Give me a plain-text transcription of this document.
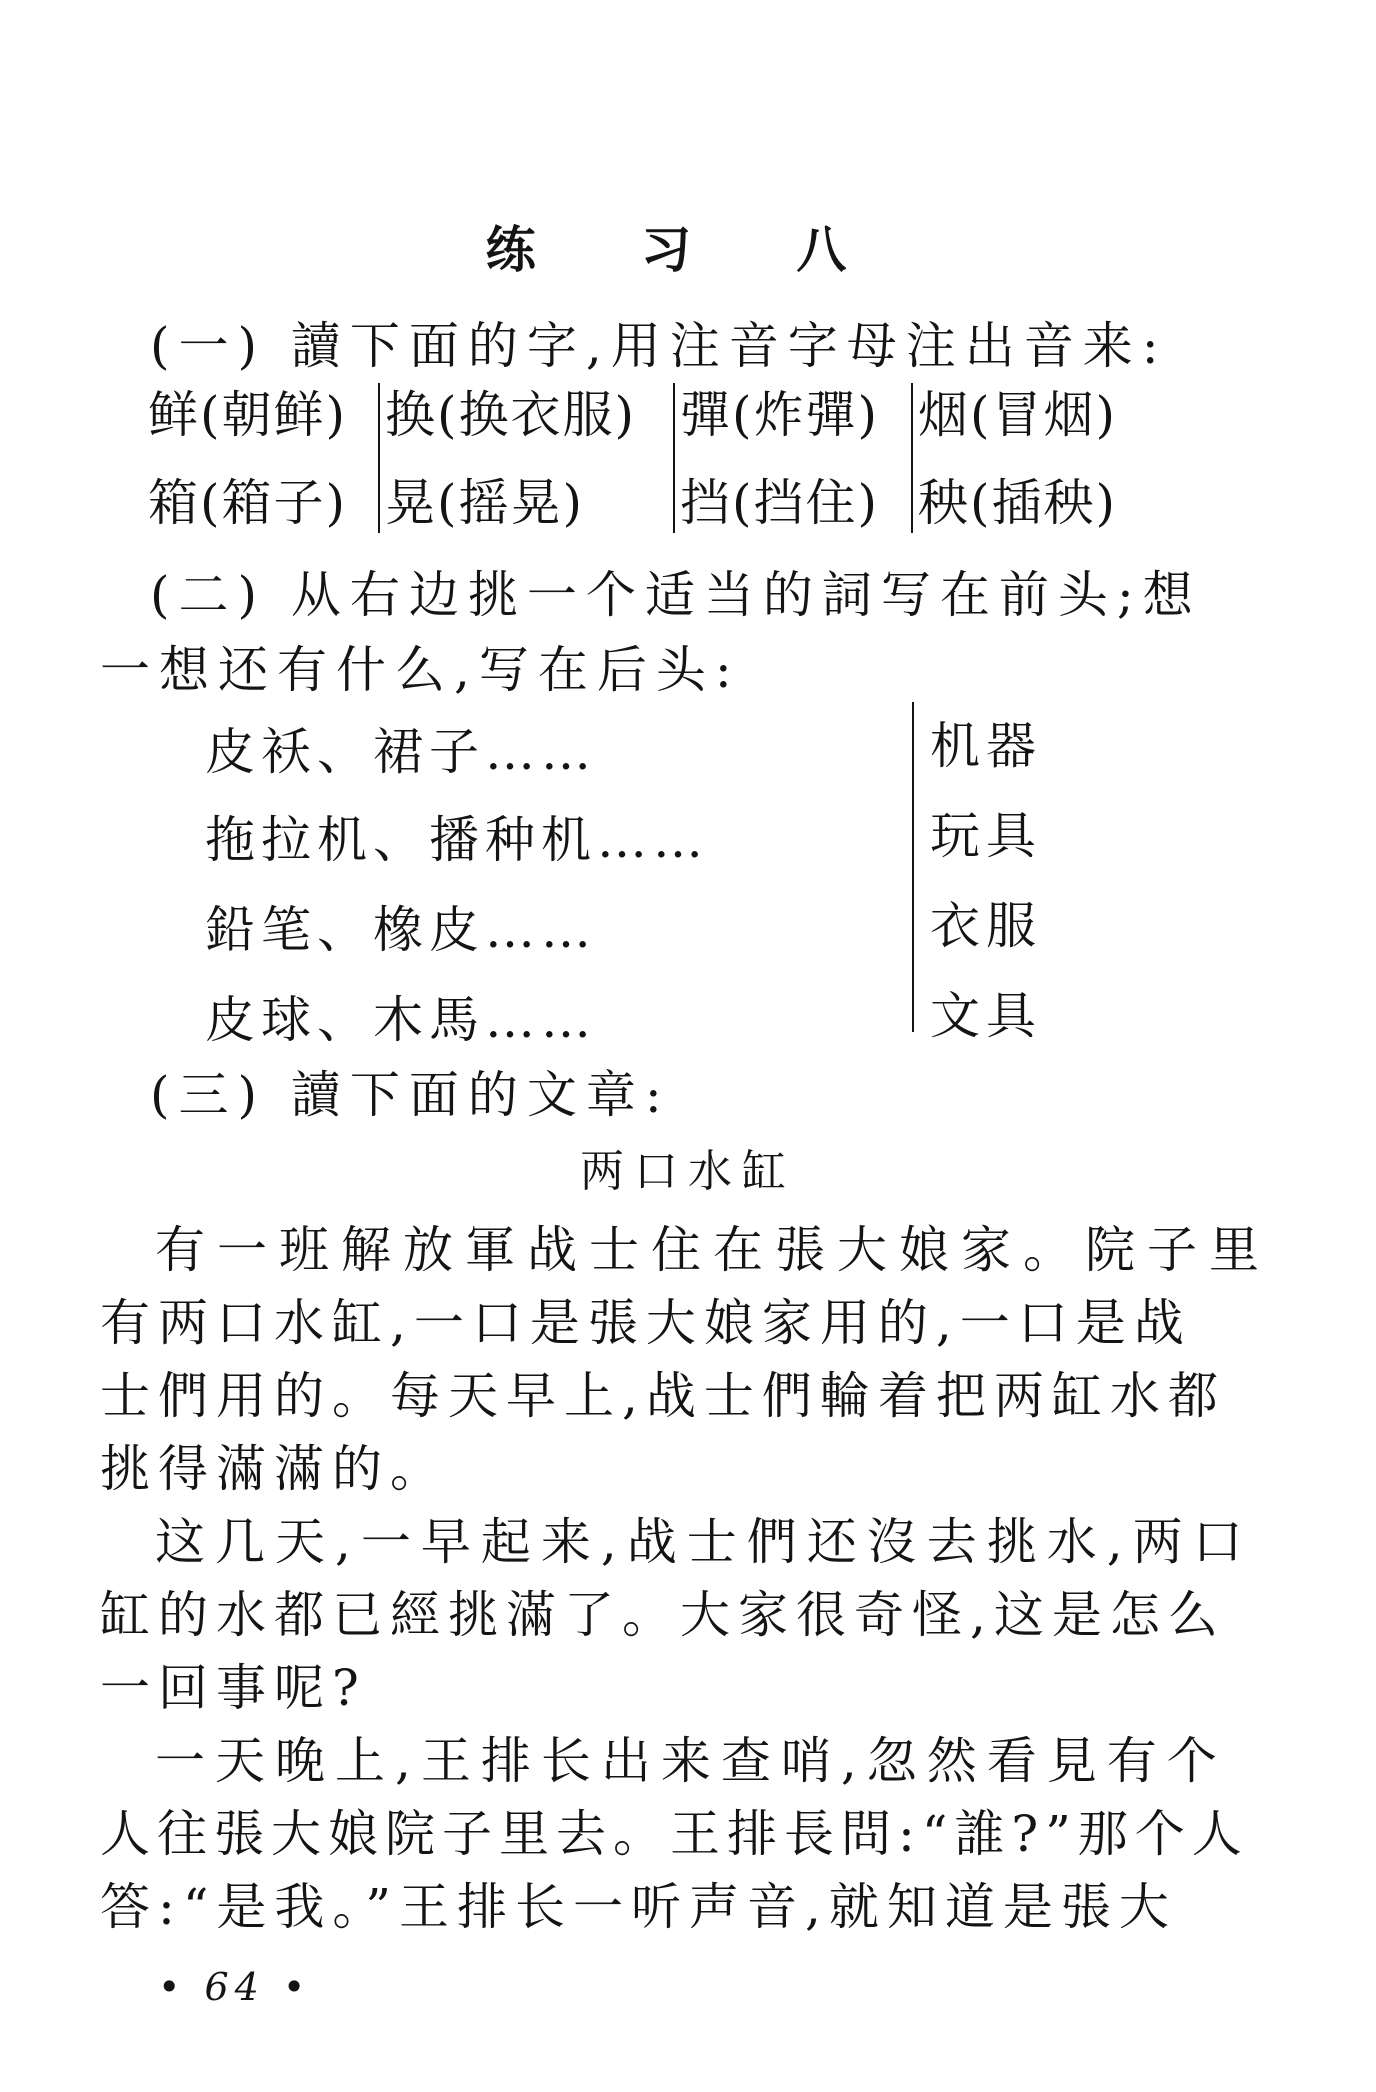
练 习 八
(一) 讀下面的字,用注音字母注出音来:
鲜(朝鲜) 换(换衣服) 彈(炸彈) 烟(冒烟)
箱(箱子) 晃(摇晃) 挡(挡住) 秧(插秧)
(二) 从右边挑一个适当的詞写在前头;想
一想还有什么,写在后头:
皮袄、裙子……
拖拉机、播种机……
鉛笔、橡皮……
皮球、木馬……
机器
玩具
衣服
文具
(三) 讀下面的文章:
两口水缸
有一班解放軍战士住在張大娘家。院子里
有两口水缸,一口是張大娘家用的,一口是战
士們用的。每天早上,战士們輪着把两缸水都
挑得滿滿的。
这几天,一早起来,战士們还沒去挑水,两口
缸的水都已經挑滿了。大家很奇怪,这是怎么
一回事呢?
一天晚上,王排长出来查哨,忽然看見有个
人往張大娘院子里去。王排長問:“誰?”那个人
答:“是我。”王排长一听声音,就知道是張大
• 64 •
